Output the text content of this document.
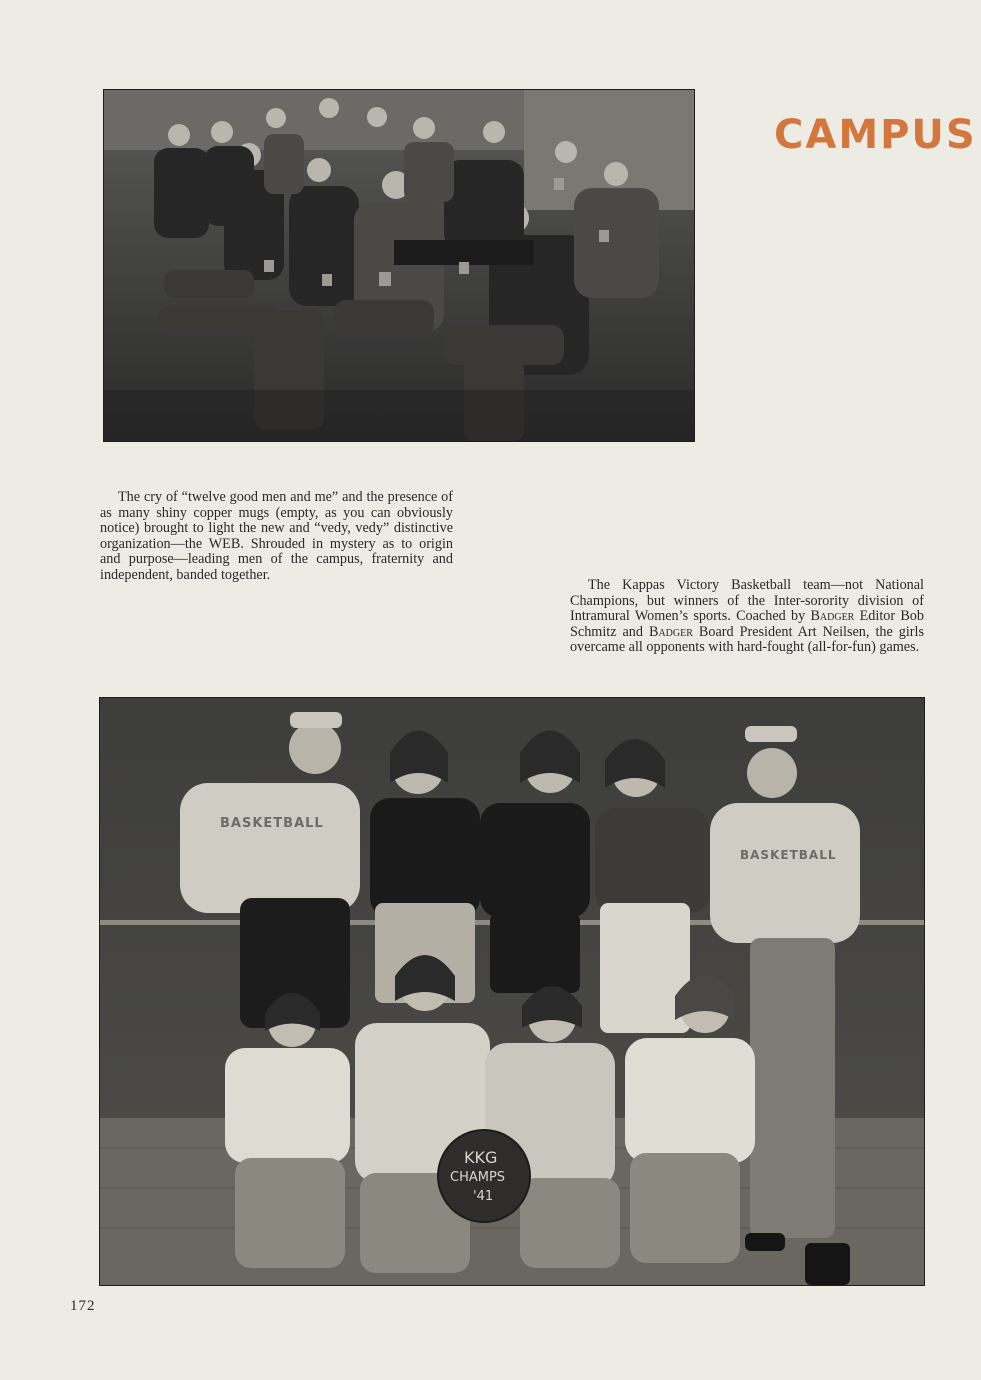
CAMPUS

The cry of “twelve good men and me” and the presence of as many shiny copper mugs (empty, as you can obviously notice) brought to light the new and “vedy, vedy” distinctive organization—the WEB. Shrouded in mystery as to origin and purpose—leading men of the campus, fraternity and independent, banded together.

The Kappas Victory Basketball team—not National Champions, but winners of the Inter-sorority division of Intramural Women’s sports. Coached by Badger Editor Bob Schmitz and Badger Board President Art Neilsen, the girls overcame all opponents with hard-fought (all-for-fun) games.

BASKETBALL
BASKETBALL
KKG
CHAMPS
'41
172
